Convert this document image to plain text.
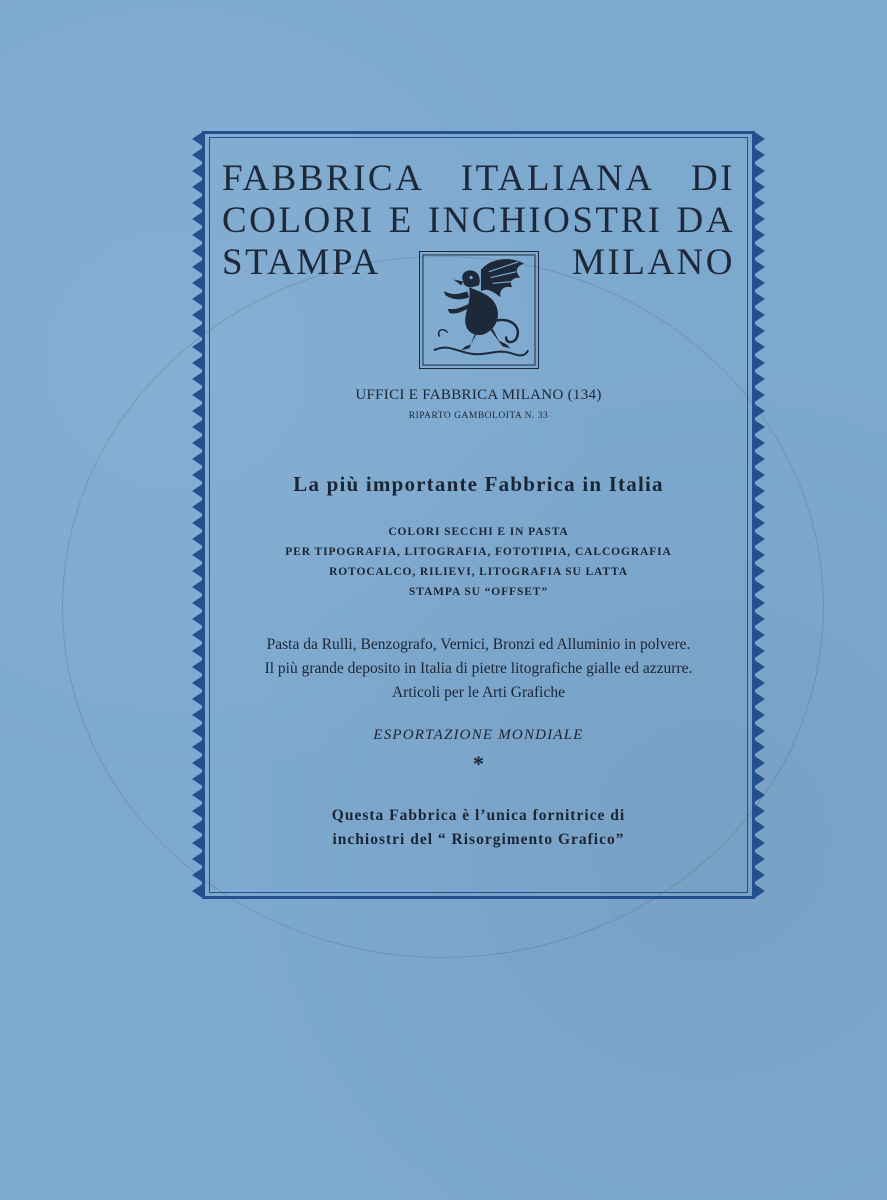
FABBRICA ITALIANA DI
COLORI E INCHIOSTRI DA
STAMPA	MILANO
UFFICI E FABBRICA MILANO (134)
RIPARTO GAMBOLOITA N. 33
La più importante Fabbrica in Italia
COLORI SECCHI E IN PASTA
PER TIPOGRAFIA, LITOGRAFIA, FOTOTIPIA, CALCOGRAFIA
ROTOCALCO, RILIEVI, LITOGRAFIA SU LATTA
STAMPA SU “OFFSET”
Pasta da Rulli, Benzografo, Vernici, Bronzi ed Alluminio in polvere.
Il più grande deposito in Italia di pietre litografiche gialle ed azzurre.
Articoli per le Arti Grafiche
ESPORTAZIONE MONDIALE
*
Questa Fabbrica è l’unica fornitrice di
inchiostri del “ Risorgimento Grafico”
